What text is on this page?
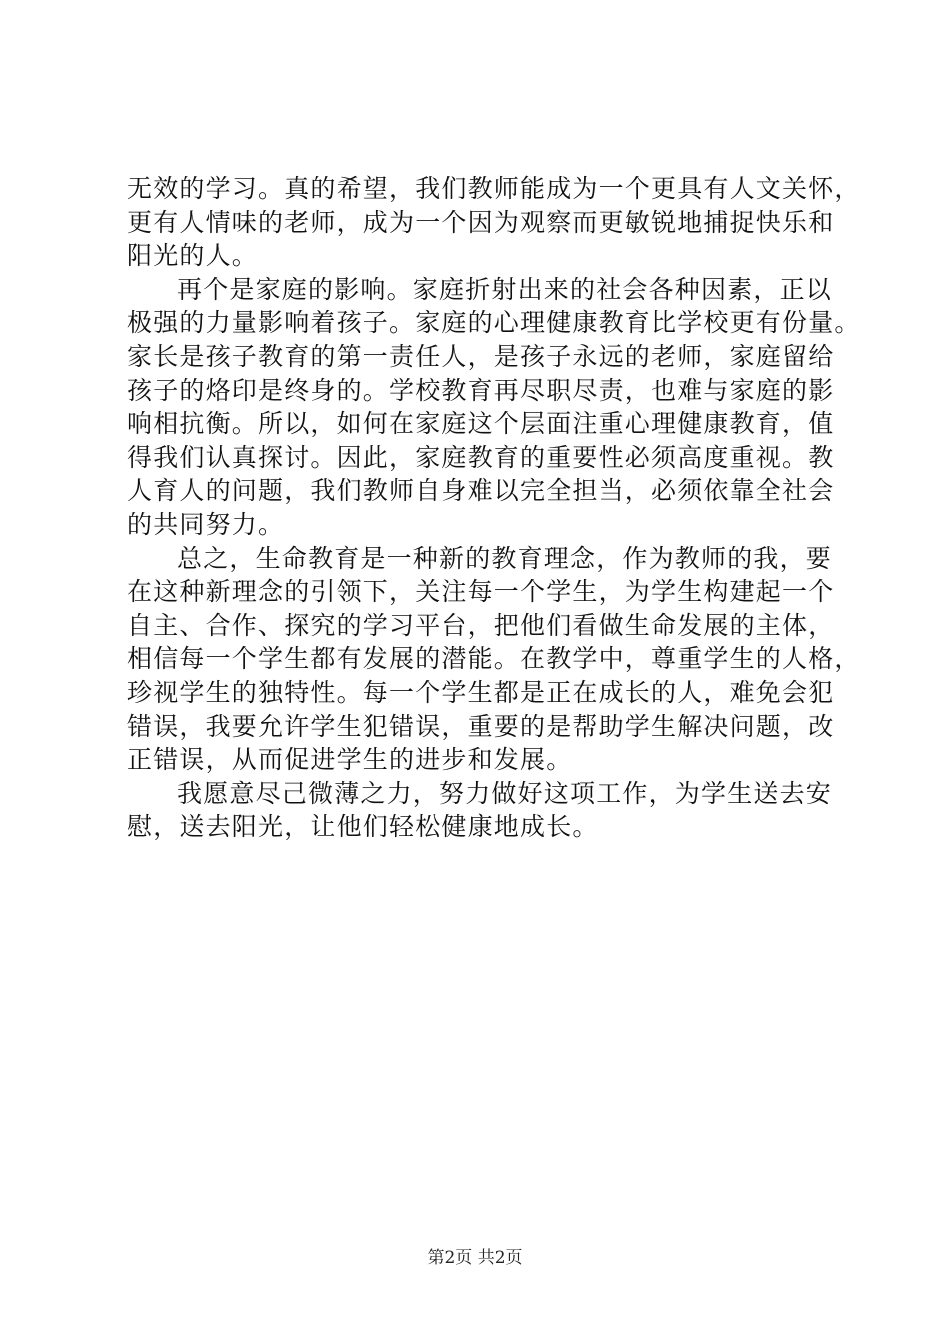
无效的学习。真的希望，我们教师能成为一个更具有人文关怀，
更有人情味的老师，成为一个因为观察而更敏锐地捕捉快乐和
阳光的人。
再个是家庭的影响。家庭折射出来的社会各种因素，正以
极强的力量影响着孩子。家庭的心理健康教育比学校更有份量。
家长是孩子教育的第一责任人，是孩子永远的老师，家庭留给
孩子的烙印是终身的。学校教育再尽职尽责，也难与家庭的影
响相抗衡。所以，如何在家庭这个层面注重心理健康教育，值
得我们认真探讨。因此，家庭教育的重要性必须高度重视。教
人育人的问题，我们教师自身难以完全担当，必须依靠全社会
的共同努力。
总之，生命教育是一种新的教育理念，作为教师的我，要
在这种新理念的引领下，关注每一个学生，为学生构建起一个
自主、合作、探究的学习平台，把他们看做生命发展的主体，
相信每一个学生都有发展的潜能。在教学中，尊重学生的人格，
珍视学生的独特性。每一个学生都是正在成长的人，难免会犯
错误，我要允许学生犯错误，重要的是帮助学生解决问题，改
正错误，从而促进学生的进步和发展。
我愿意尽己微薄之力，努力做好这项工作，为学生送去安
慰，送去阳光，让他们轻松健康地成长。
第2页 共2页
